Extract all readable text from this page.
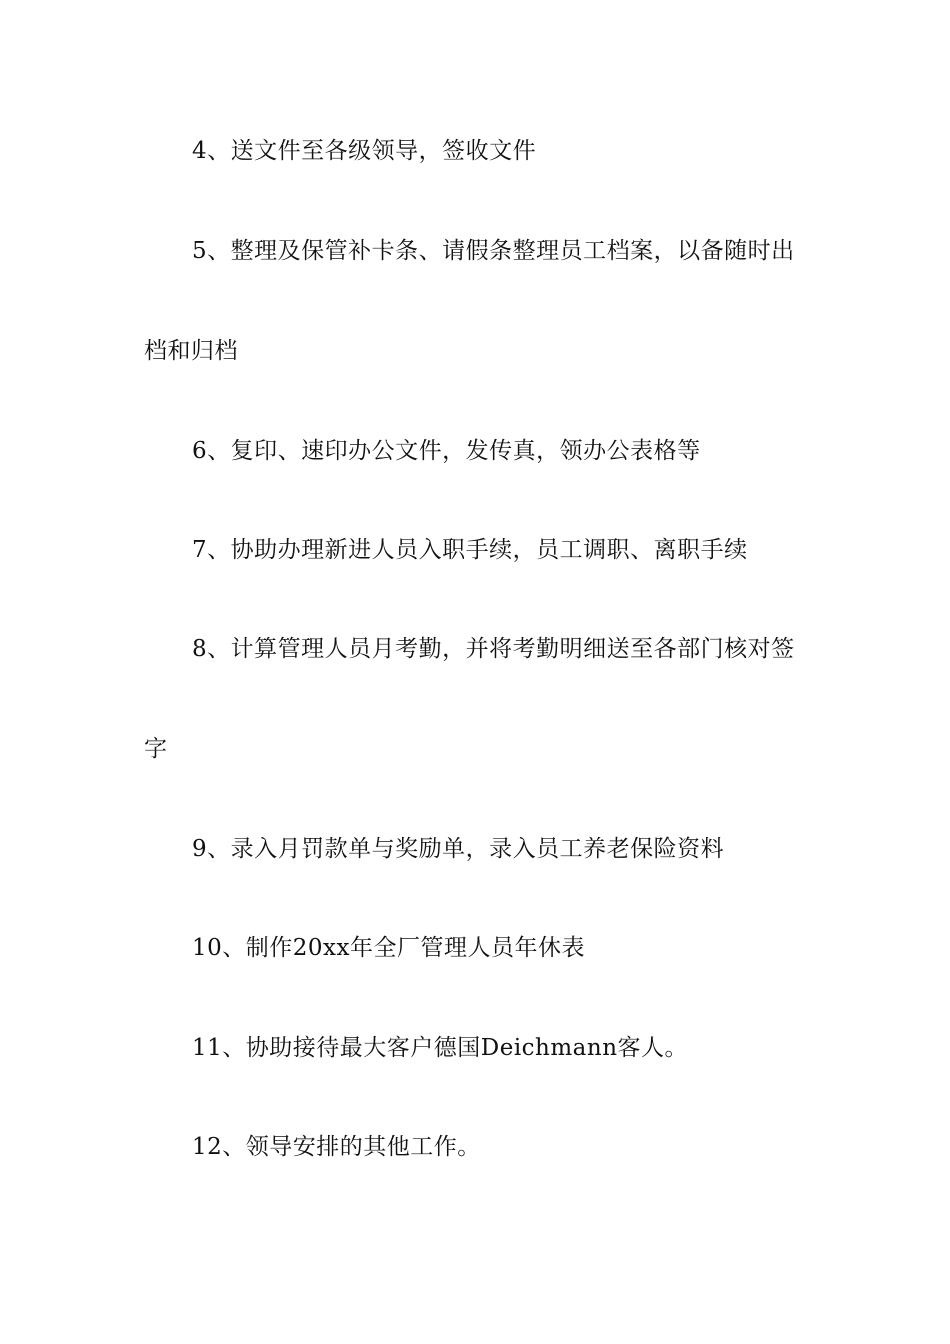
4、送文件至各级领导，签收文件
5、整理及保管补卡条、请假条整理员工档案，以备随时出
档和归档
6、复印、速印办公文件，发传真，领办公表格等
7、协助办理新进人员入职手续，员工调职、离职手续
8、计算管理人员月考勤，并将考勤明细送至各部门核对签
字
9、录入月罚款单与奖励单，录入员工养老保险资料
10、制作20xx年全厂管理人员年休表
11、协助接待最大客户德国Deichmann客人。
12、领导安排的其他工作。
